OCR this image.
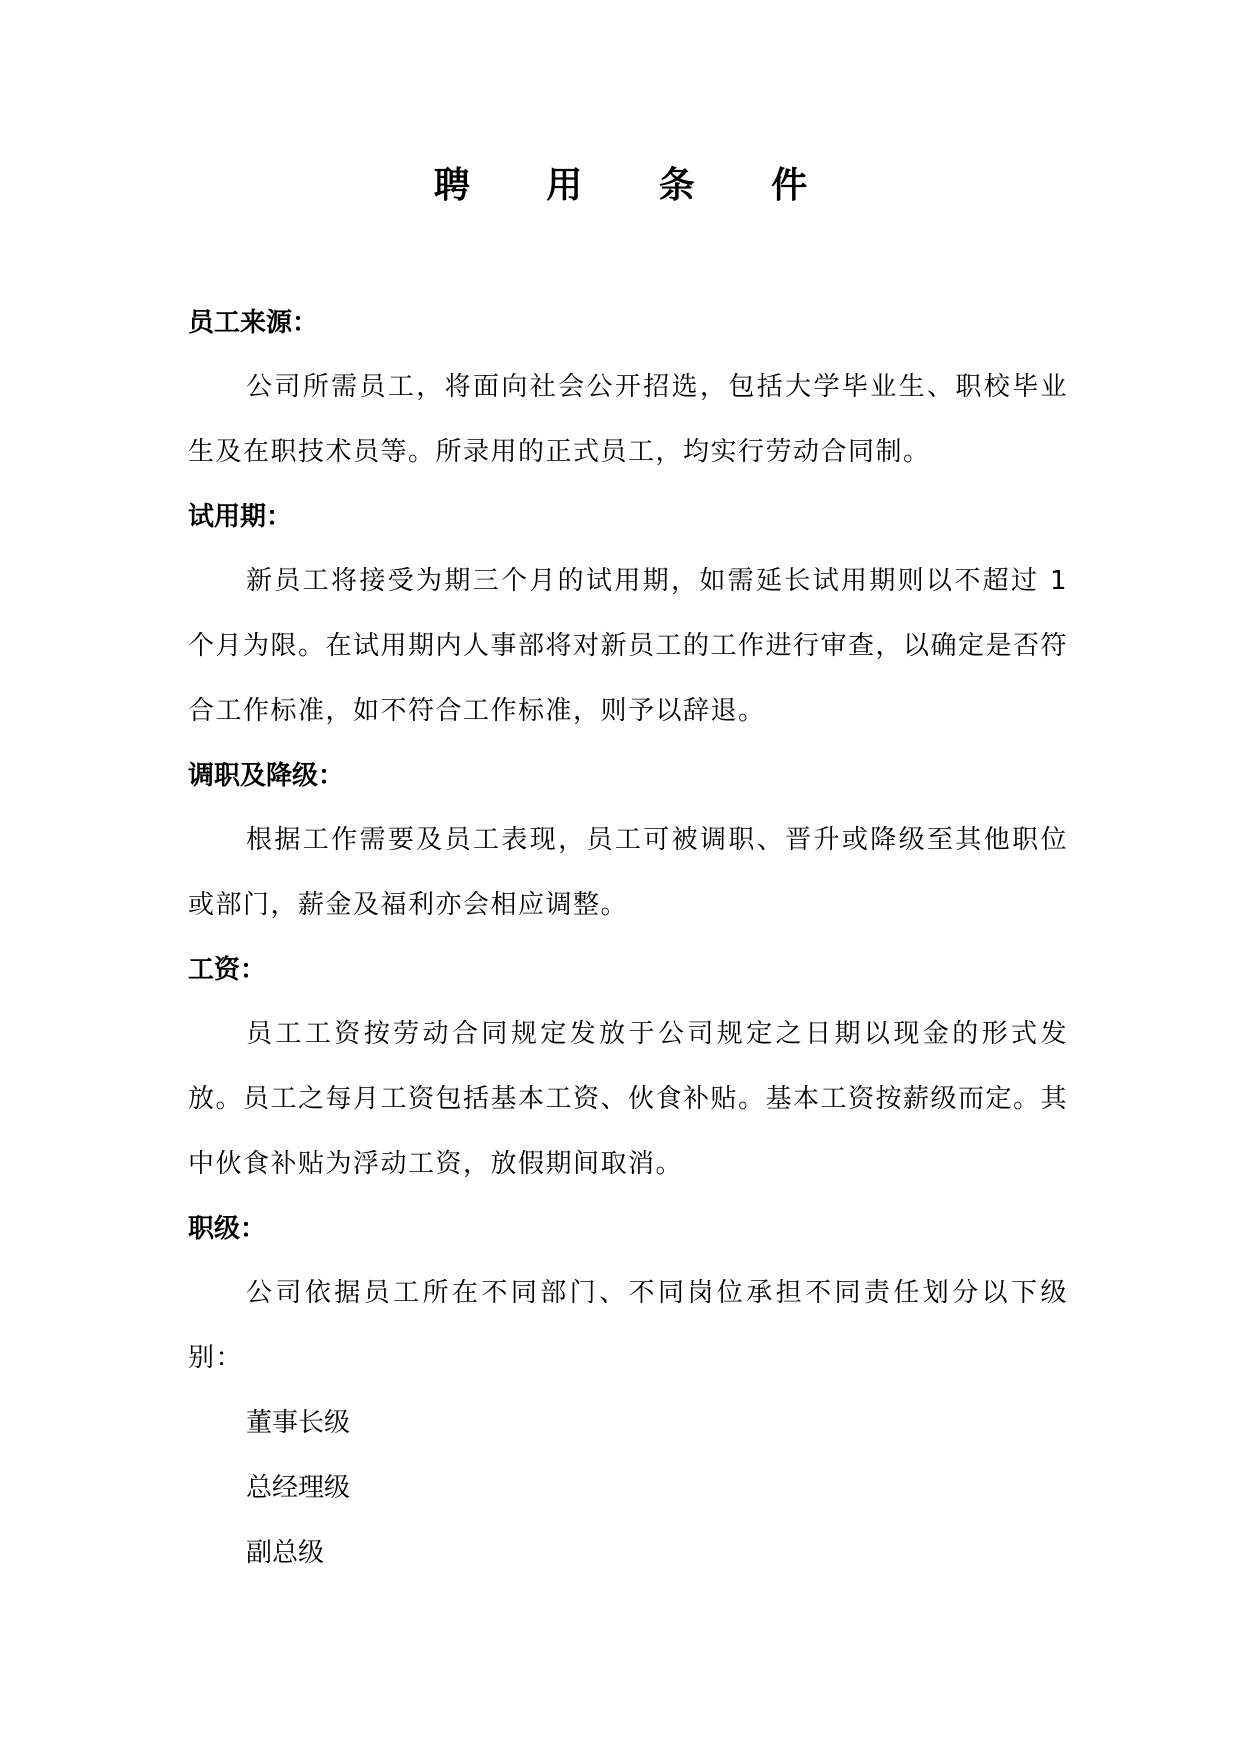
聘 用 条 件

员工来源：

公司所需员工，将面向社会公开招选，包括大学毕业生、职校毕业生及在职技术员等。所录用的正式员工，均实行劳动合同制。

试用期：

新员工将接受为期三个月的试用期，如需延长试用期则以不超过 1 个月为限。在试用期内人事部将对新员工的工作进行审查，以确定是否符合工作标准，如不符合工作标准，则予以辞退。

调职及降级：

根据工作需要及员工表现，员工可被调职、晋升或降级至其他职位或部门，薪金及福利亦会相应调整。

工资：

员工工资按劳动合同规定发放于公司规定之日期以现金的形式发放。员工之每月工资包括基本工资、伙食补贴。基本工资按薪级而定。其中伙食补贴为浮动工资，放假期间取消。

职级：

公司依据员工所在不同部门、不同岗位承担不同责任划分以下级别：

董事长级

总经理级

副总级
